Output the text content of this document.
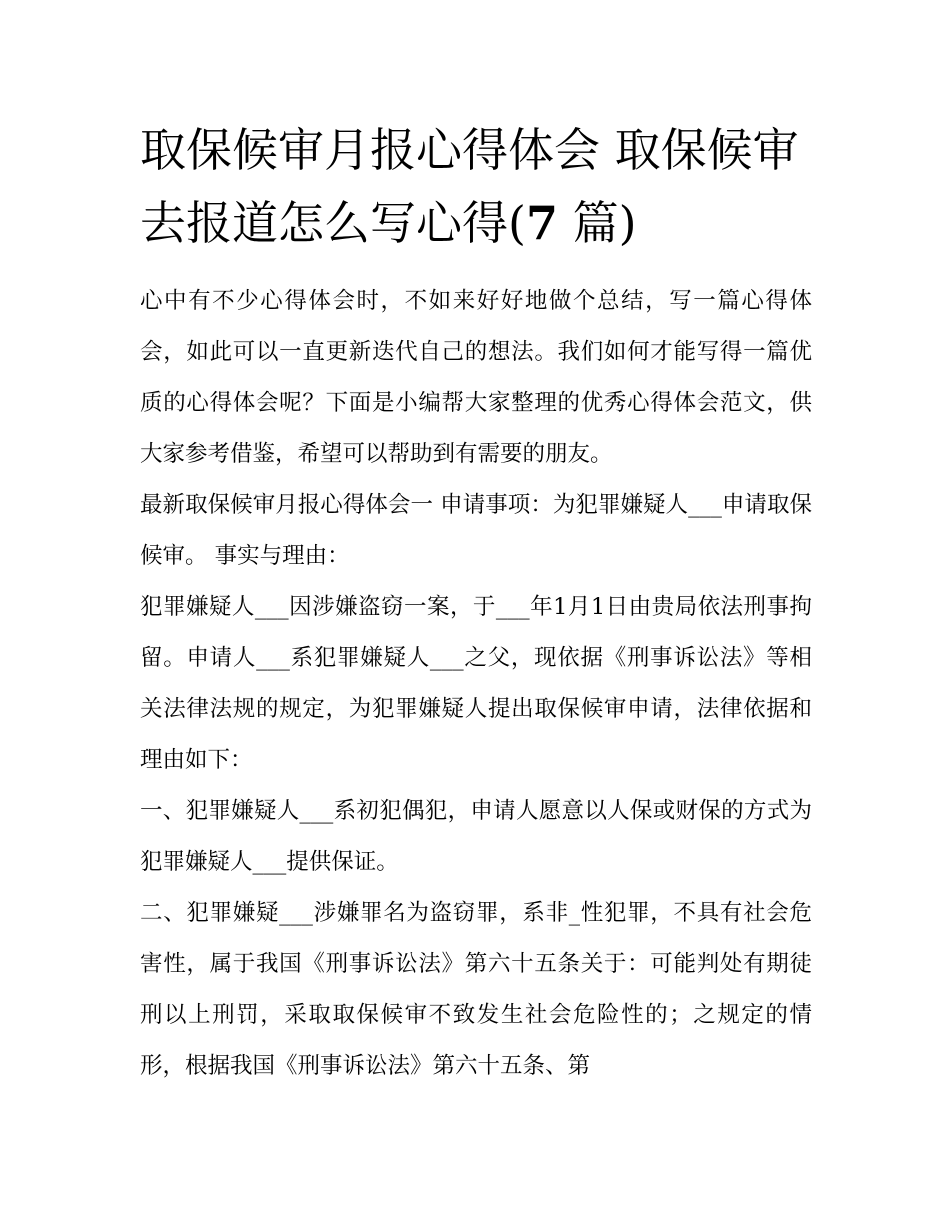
取保候审月报心得体会 取保候审去报道怎么写心得(7 篇)

心中有不少心得体会时，不如来好好地做个总结，写一篇心得体会，如此可以一直更新迭代自己的想法。我们如何才能写得一篇优质的心得体会呢？下面是小编帮大家整理的优秀心得体会范文，供大家参考借鉴，希望可以帮助到有需要的朋友。

最新取保候审月报心得体会一 申请事项：为犯罪嫌疑人___申请取保候审。 事实与理由：

犯罪嫌疑人___因涉嫌盗窃一案，于___年1月1日由贵局依法刑事拘留。申请人___系犯罪嫌疑人___之父，现依据《刑事诉讼法》等相关法律法规的规定，为犯罪嫌疑人提出取保候审申请，法律依据和理由如下：

一、犯罪嫌疑人___系初犯偶犯，申请人愿意以人保或财保的方式为犯罪嫌疑人___提供保证。

二、犯罪嫌疑___涉嫌罪名为盗窃罪，系非_性犯罪，不具有社会危害性，属于我国《刑事诉讼法》第六十五条关于：可能判处有期徒刑以上刑罚，采取取保候审不致发生社会危险性的；之规定的情形，根据我国《刑事诉讼法》第六十五条、第
